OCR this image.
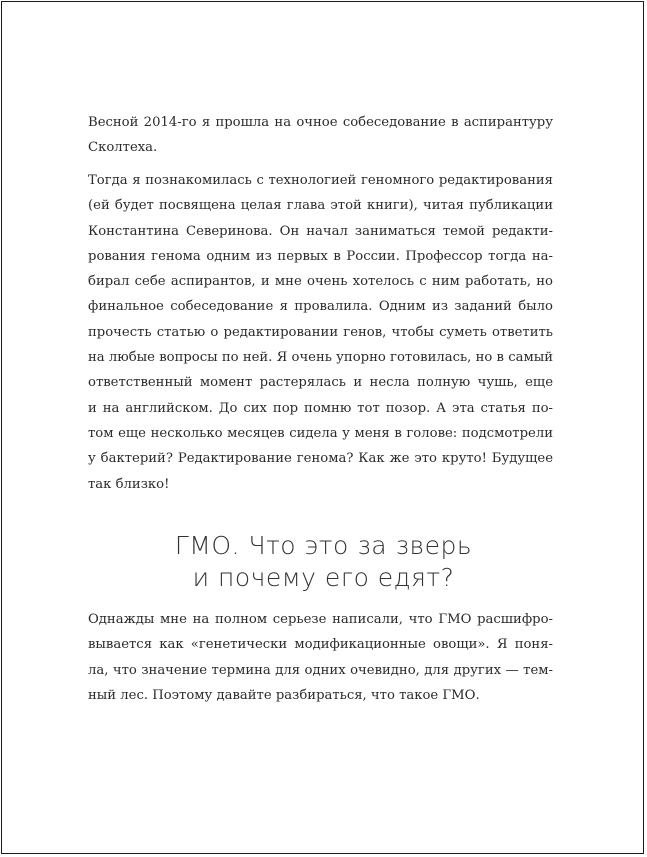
Весной 2014-го я прошла на очное собеседование в аспирантуру
Сколтеха.
Тогда я познакомилась с технологией геномного редактирования
(ей будет посвящена целая глава этой книги), читая публикации
Константина Северинова. Он начал заниматься темой редакти-
рования генома одним из первых в России. Профессор тогда на-
бирал себе аспирантов, и мне очень хотелось с ним работать, но
финальное собеседование я провалила. Одним из заданий было
прочесть статью о редактировании генов, чтобы суметь ответить
на любые вопросы по ней. Я очень упорно готовилась, но в самый
ответственный момент растерялась и несла полную чушь, еще
и на английском. До сих пор помню тот позор. А эта статья по-
том еще несколько месяцев сидела у меня в голове: подсмотрели
у бактерий? Редактирование генома? Как же это круто! Будущее
так близко!
ГМО. Что это за зверь
и почему его едят?
Однажды мне на полном серьезе написали, что ГМО расшифро-
вывается как «генетически модификационные овощи». Я поня-
ла, что значение термина для одних очевидно, для других — тем-
ный лес. Поэтому давайте разбираться, что такое ГМО.
